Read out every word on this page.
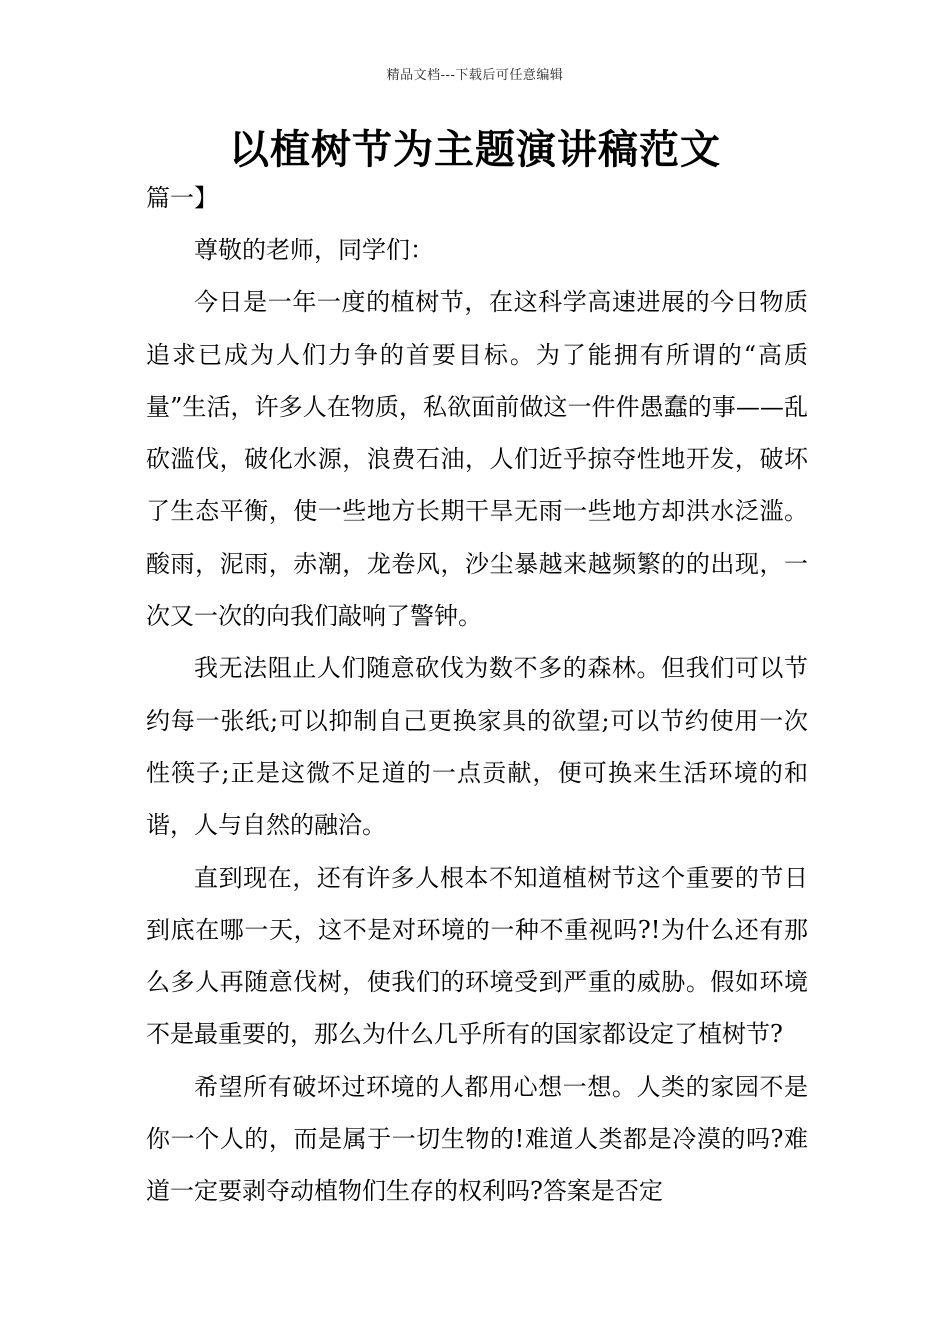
精品文档---下载后可任意编辑
以植树节为主题演讲稿范文
篇一】

尊敬的老师，同学们：

今日是一年一度的植树节，在这科学高速进展的今日物质追求已成为人们力争的首要目标。为了能拥有所谓的“高质量”生活，许多人在物质，私欲面前做这一件件愚蠢的事——乱砍滥伐，破化水源，浪费石油，人们近乎掠夺性地开发，破坏了生态平衡，使一些地方长期干旱无雨一些地方却洪水泛滥。酸雨，泥雨，赤潮，龙卷风，沙尘暴越来越频繁的的出现，一次又一次的向我们敲响了警钟。

我无法阻止人们随意砍伐为数不多的森林。但我们可以节约每一张纸;可以抑制自己更换家具的欲望;可以节约使用一次性筷子;正是这微不足道的一点贡献，便可换来生活环境的和谐，人与自然的融洽。

直到现在，还有许多人根本不知道植树节这个重要的节日到底在哪一天，这不是对环境的一种不重视吗?!为什么还有那么多人再随意伐树，使我们的环境受到严重的威胁。假如环境不是最重要的，那么为什么几乎所有的国家都设定了植树节?

希望所有破坏过环境的人都用心想一想。人类的家园不是你一个人的，而是属于一切生物的!难道人类都是冷漠的吗?难道一定要剥夺动植物们生存的权利吗?答案是否定
